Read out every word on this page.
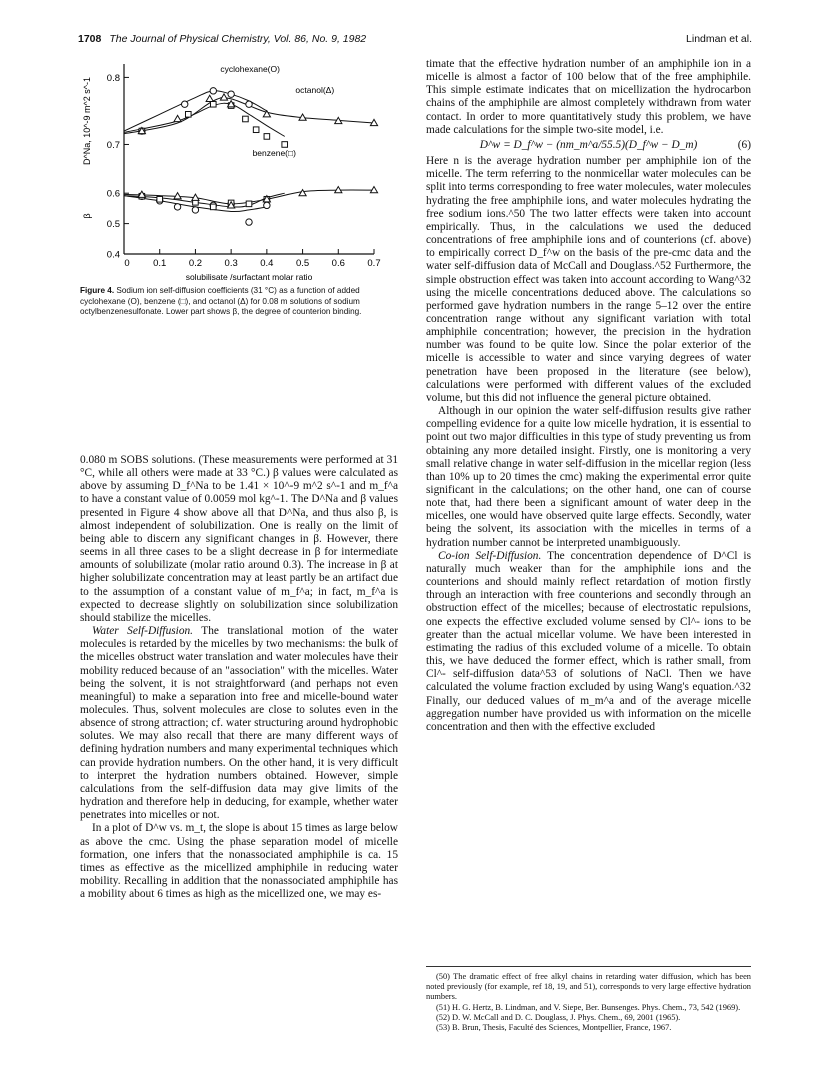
1708 The Journal of Physical Chemistry, Vol. 86, No. 9, 1982	Lindman et al.
0 0.1 0.2 0.3 0.4 0.5 0.6 0.7
solubilisate /surfactant molar ratio
0.8
0.7
D^Na, 10^-9 m^2 s^-1
cyclohexane(O)
octanol(Δ)
benzene(□)
0.6
0.5
0.4
β
Figure 4. Sodium ion self-diffusion coefficients (31 °C) as a function of added cyclohexane (O), benzene (□), and octanol (Δ) for 0.08 m solutions of sodium octylbenzenesulfonate. Lower part shows β, the degree of counterion binding.

0.080 m SOBS solutions. (These measurements were performed at 31 °C, while all others were made at 33 °C.) β values were calculated as above by assuming D_f^Na to be 1.41 × 10^-9 m^2 s^-1 and m_f^a to have a constant value of 0.0059 mol kg^-1. The D^Na and β values presented in Figure 4 show above all that D^Na, and thus also β, is almost independent of solubilization. One is really on the limit of being able to discern any significant changes in β. However, there seems in all three cases to be a slight decrease in β for intermediate amounts of solubilizate (molar ratio around 0.3). The increase in β at higher solubilizate concentration may at least partly be an artifact due to the assumption of a constant value of m_f^a; in fact, m_f^a is expected to decrease slightly on solubilization since solubilization should stabilize the micelles.

Water Self-Diffusion. The translational motion of the water molecules is retarded by the micelles by two mechanisms: the bulk of the micelles obstruct water translation and water molecules have their mobility reduced because of an "association" with the micelles. Water being the solvent, it is not straightforward (and perhaps not even meaningful) to make a separation into free and micelle-bound water molecules. Thus, solvent molecules are close to solutes even in the absence of strong attraction; cf. water structuring around hydrophobic solutes. We may also recall that there are many different ways of defining hydration numbers and many experimental techniques which can provide hydration numbers. On the other hand, it is very difficult to interpret the hydration numbers obtained. However, simple calculations from the self-diffusion data may give limits of the hydration and therefore help in deducing, for example, whether water penetrates into micelles or not.

In a plot of D^w vs. m_t, the slope is about 15 times as large below as above the cmc. Using the phase separation model of micelle formation, one infers that the nonassociated amphiphile is ca. 15 times as effective as the micellized amphiphile in reducing water mobility. Recalling in addition that the nonassociated amphiphile has a mobility about 6 times as high as the micellized one, we may es-

timate that the effective hydration number of an amphiphile ion in a micelle is almost a factor of 100 below that of the free amphiphile. This simple estimate indicates that on micellization the hydrocarbon chains of the amphiphile are almost completely withdrawn from water contact. In order to more quantitatively study this problem, we have made calculations for the simple two-site model, i.e.

D^w = D_f^w − (nm_m^a/55.5)(D_f^w − D_m)	(6)

Here n is the average hydration number per amphiphile ion of the micelle. The term referring to the nonmicellar water molecules can be split into terms corresponding to free water molecules, water molecules hydrating the free amphiphile ions, and water molecules hydrating the free sodium ions.^50 The two latter effects were taken into account empirically. Thus, in the calculations we used the deduced concentrations of free amphiphile ions and of counterions (cf. above) to empirically correct D_f^w on the basis of the pre-cmc data and the water self-diffusion data of McCall and Douglass.^52 Furthermore, the simple obstruction effect was taken into account according to Wang^32 using the micelle concentrations deduced above. The calculations so performed gave hydration numbers in the range 5–12 over the entire concentration range without any significant variation with total amphiphile concentration; however, the precision in the hydration number was found to be quite low. Since the polar exterior of the micelle is accessible to water and since varying degrees of water penetration have been proposed in the literature (see below), calculations were performed with different values of the excluded volume, but this did not influence the general picture obtained.

Although in our opinion the water self-diffusion results give rather compelling evidence for a quite low micelle hydration, it is essential to point out two major difficulties in this type of study preventing us from obtaining any more detailed insight. Firstly, one is monitoring a very small relative change in water self-diffusion in the micellar region (less than 10% up to 20 times the cmc) making the experimental error quite significant in the calculations; on the other hand, one can of course note that, had there been a significant amount of water deep in the micelles, one would have observed quite large effects. Secondly, water being the solvent, its association with the micelles in terms of a hydration number cannot be interpreted unambiguously.

Co-ion Self-Diffusion. The concentration dependence of D^Cl is naturally much weaker than for the amphiphile ions and the counterions and should mainly reflect retardation of motion firstly through an interaction with free counterions and secondly through an obstruction effect of the micelles; because of electrostatic repulsions, one expects the effective excluded volume sensed by Cl^- ions to be greater than the actual micellar volume. We have been interested in estimating the radius of this excluded volume of a micelle. To obtain this, we have deduced the former effect, which is rather small, from Cl^- self-diffusion data^53 of solutions of NaCl. Then we have calculated the volume fraction excluded by using Wang's equation.^32 Finally, our deduced values of m_m^a and of the average micelle aggregation number have provided us with information on the micelle concentration and then with the effective excluded

(50) The dramatic effect of free alkyl chains in retarding water diffusion, which has been noted previously (for example, ref 18, 19, and 51), corresponds to very large effective hydration numbers.

(51) H. G. Hertz, B. Lindman, and V. Siepe, Ber. Bunsenges. Phys. Chem., 73, 542 (1969).

(52) D. W. McCall and D. C. Douglass, J. Phys. Chem., 69, 2001 (1965).

(53) B. Brun, Thesis, Faculté des Sciences, Montpellier, France, 1967.
